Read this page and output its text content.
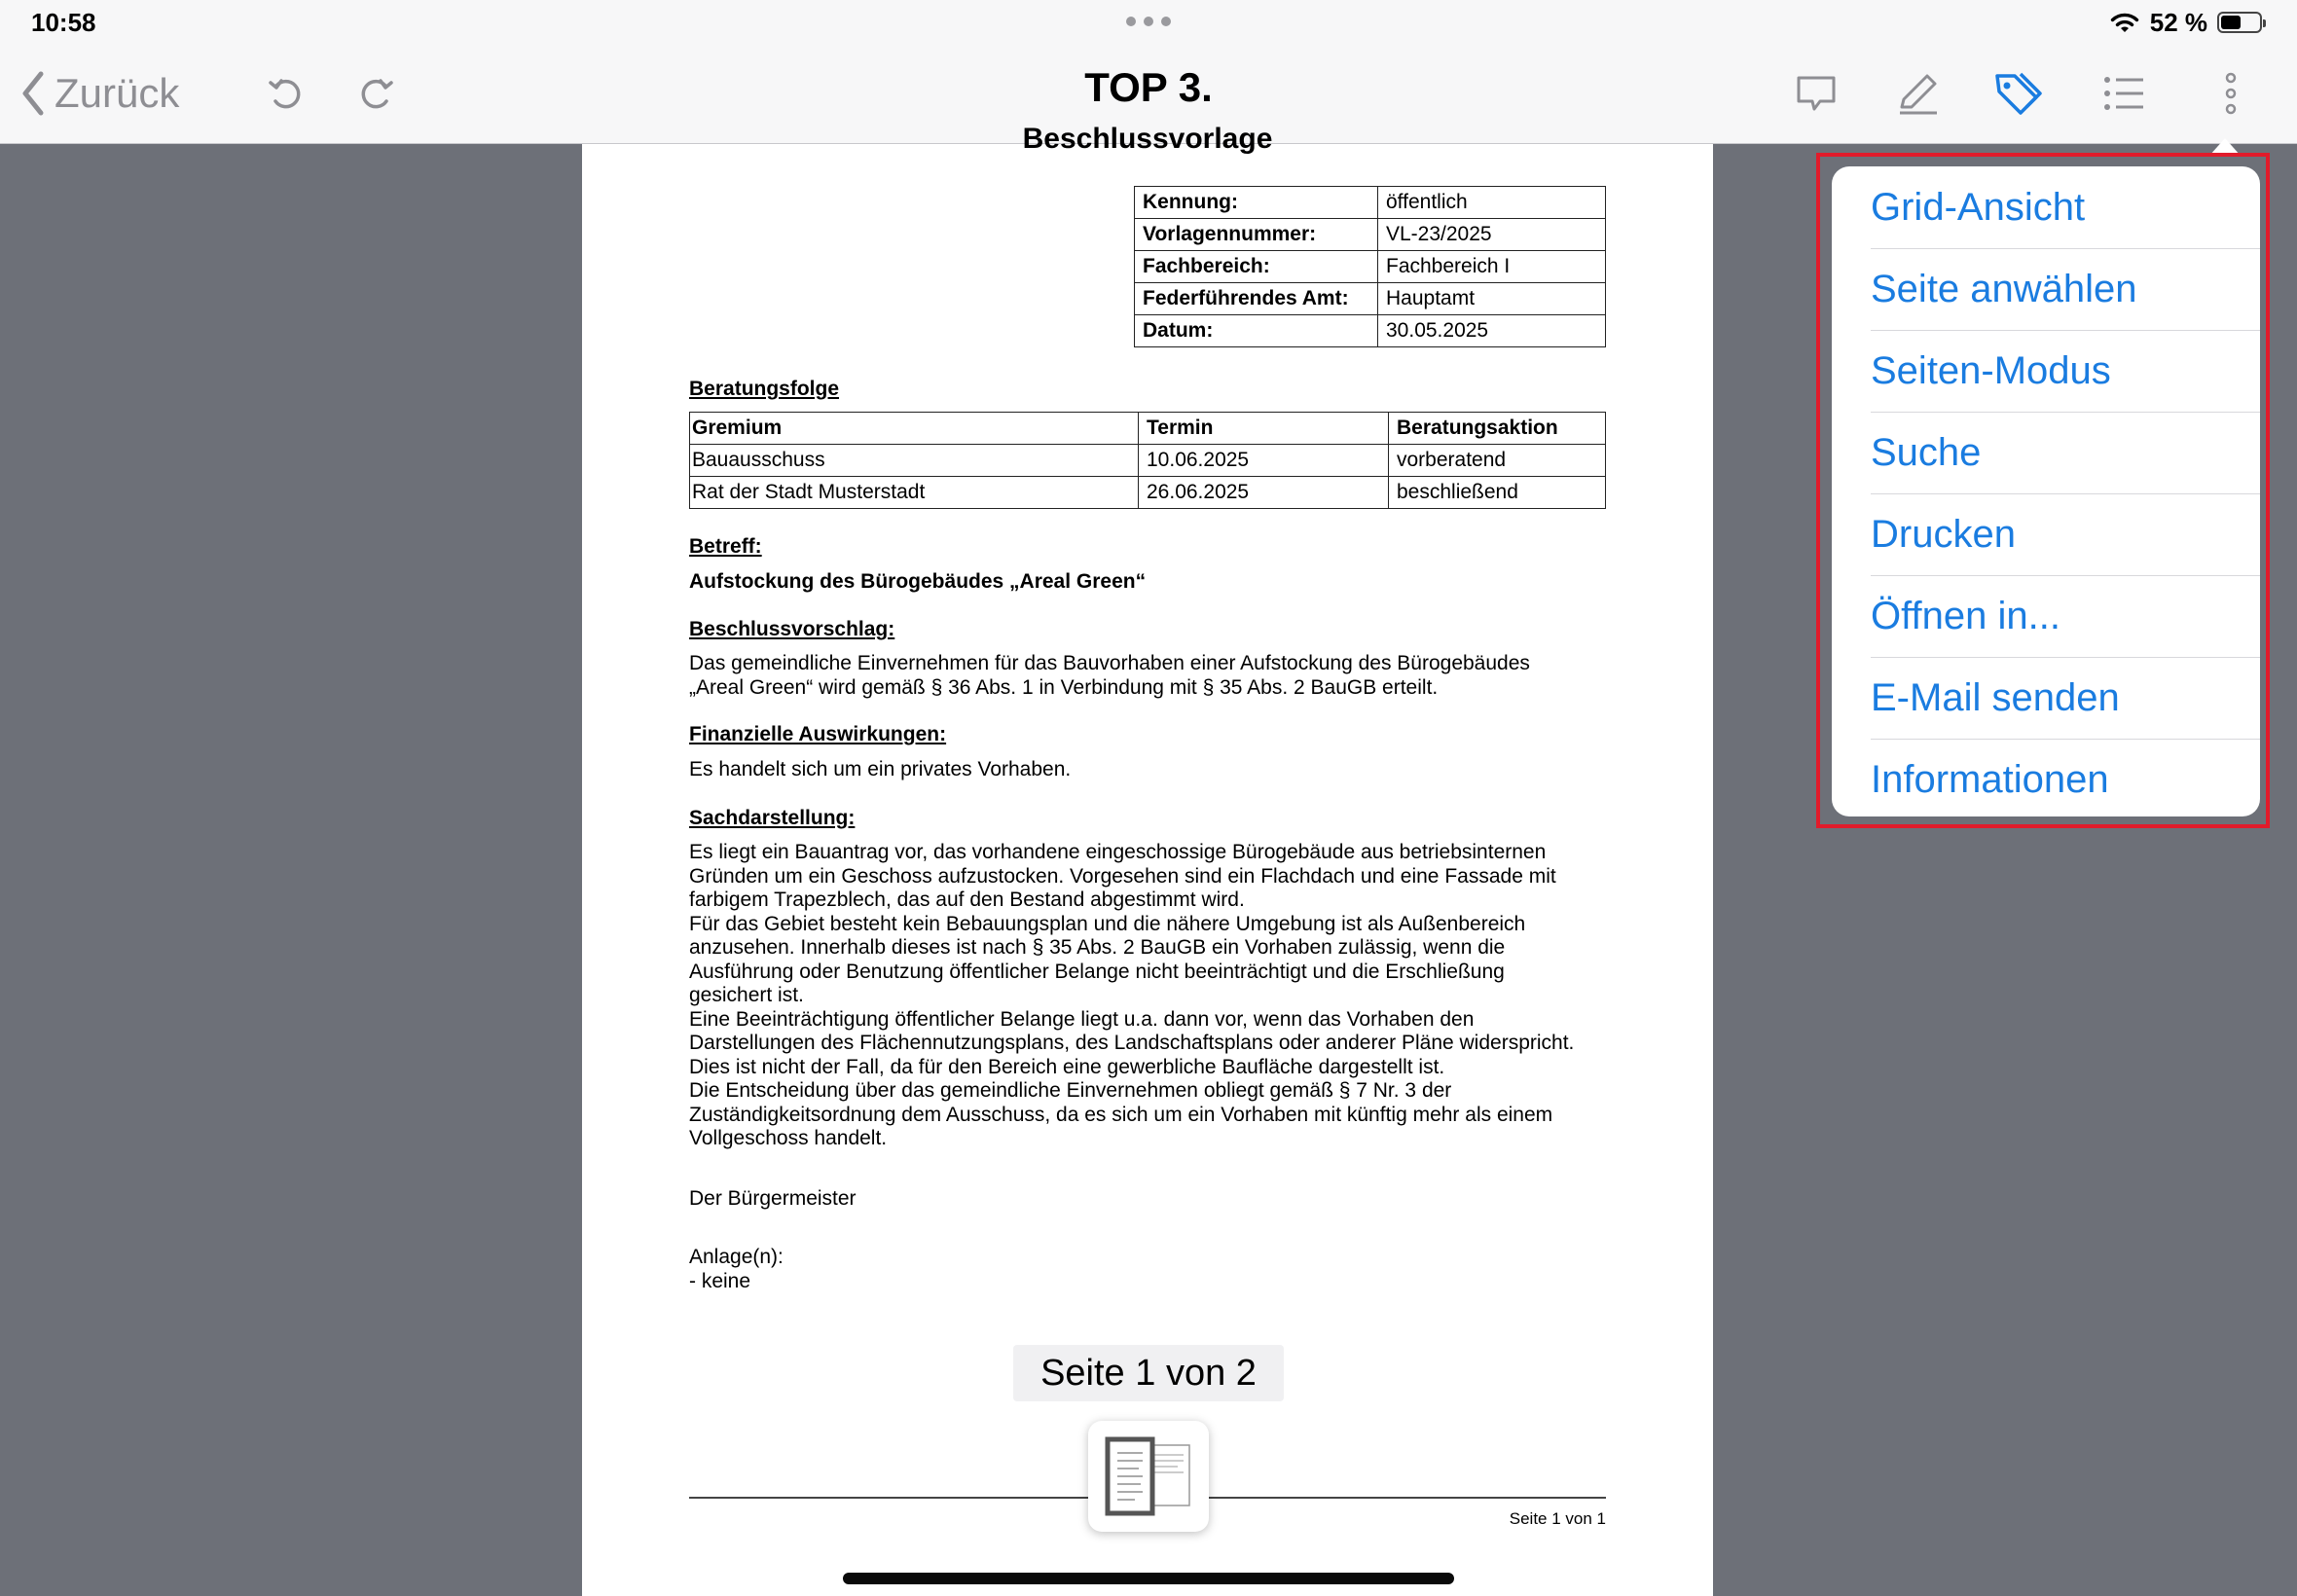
10:58	52 %
Zurück	TOP 3.
Beschlussvorlage
Kennung:	öffentlich
Vorlagennummer:	VL-23/2025
Fachbereich:	Fachbereich I
Federführendes Amt:	Hauptamt
Datum:	30.05.2025
Beratungsfolge
Gremium	Termin	Beratungsaktion
Bauausschuss	10.06.2025	vorberatend
Rat der Stadt Musterstadt	26.06.2025	beschließend
Betreff:
Aufstockung des Bürogebäudes „Areal Green“
Beschlussvorschlag:
Das gemeindliche Einvernehmen für das Bauvorhaben einer Aufstockung des Bürogebäudes
„Areal Green“ wird gemäß § 36 Abs. 1 in Verbindung mit § 35 Abs. 2 BauGB erteilt.
Finanzielle Auswirkungen:
Es handelt sich um ein privates Vorhaben.
Sachdarstellung:
Es liegt ein Bauantrag vor, das vorhandene eingeschossige Bürogebäude aus betriebsinternen
Gründen um ein Geschoss aufzustocken. Vorgesehen sind ein Flachdach und eine Fassade mit
farbigem Trapezblech, das auf den Bestand abgestimmt wird.
Für das Gebiet besteht kein Bebauungsplan und die nähere Umgebung ist als Außenbereich
anzusehen. Innerhalb dieses ist nach § 35 Abs. 2 BauGB ein Vorhaben zulässig, wenn die
Ausführung oder Benutzung öffentlicher Belange nicht beeinträchtigt und die Erschließung
gesichert ist.
Eine Beeinträchtigung öffentlicher Belange liegt u.a. dann vor, wenn das Vorhaben den
Darstellungen des Flächennutzungsplans, des Landschaftsplans oder anderer Pläne widerspricht.
Dies ist nicht der Fall, da für den Bereich eine gewerbliche Baufläche dargestellt ist.
Die Entscheidung über das gemeindliche Einvernehmen obliegt gemäß § 7 Nr. 3 der
Zuständigkeitsordnung dem Ausschuss, da es sich um ein Vorhaben mit künftig mehr als einem
Vollgeschoss handelt.
Der Bürgermeister
Anlage(n):
- keine
Seite 1 von 1
Seite 1 von 2
Grid-Ansicht
Seite anwählen
Seiten-Modus
Suche
Drucken
Öffnen in...
E-Mail senden
Informationen
